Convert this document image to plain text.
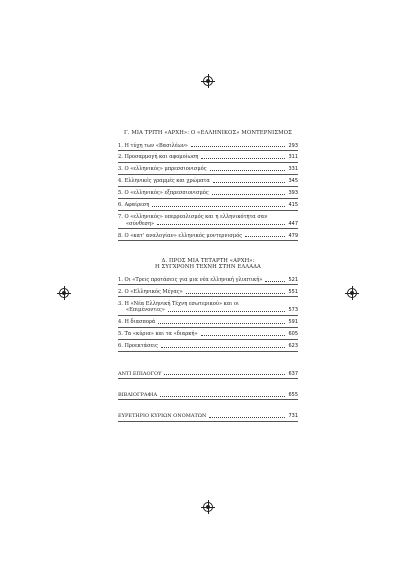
Γ. ΜΙΑ ΤΡΙΤΗ «ΑΡΧΗ»: Ο «ΕΛΛΗΝΙΚΟΣ» ΜΟΝΤΕΡΝΙΣΜΟΣ
1. Η τύχη των «Βασιλέων»	293
2. Προσαρμογή και αφομοίωση	311
3. Ο «ελληνικός» μπρεσσιονισμός	331
4. Ελληνικές γραμμές και χρώματα	345
5. Ο «ελληνικός» εξπρεσσιονισμός	393
6. Αφαίρεση	415
7. Ο «ελληνικός» υπερρεαλισμός και η ελληνικότητα σαν
«σύνθεση»	447
8. Ο «κατ' αναλογίαν» ελληνικός μοντερνισμός	479
Δ. ΠΡΟΣ ΜΙΑ ΤΕΤΑΡΤΗ «ΑΡΧΗ»:
Η ΣΥΓΧΡΟΝΗ ΤΕΧΝΗ ΣΤΗΝ ΕΛΛΑΔΑ
1. Οι «Τρεις προτάσεις για μια νέα ελληνική γλυπτική»	521
2. Ο «Ελληνικός Μέγας»	551
3. Η «Νέα Ελληνική Τέχνη εσωτερικού» και οι
«Επιμένοντες»	573
4. Η διασπορά	591
5. Τα «κύρια» και τα «διαρκή»	605
6. Προεκτάσεις	623
ΑΝΤΙ ΕΠΙΛΟΓΟΥ	637
ΒΙΒΛΙΟΓΡΑΦΙΑ	655
ΕΥΡΕΤΗΡΙΟ ΚΥΡΙΩΝ ΟΝΟΜΑΤΩΝ	731
